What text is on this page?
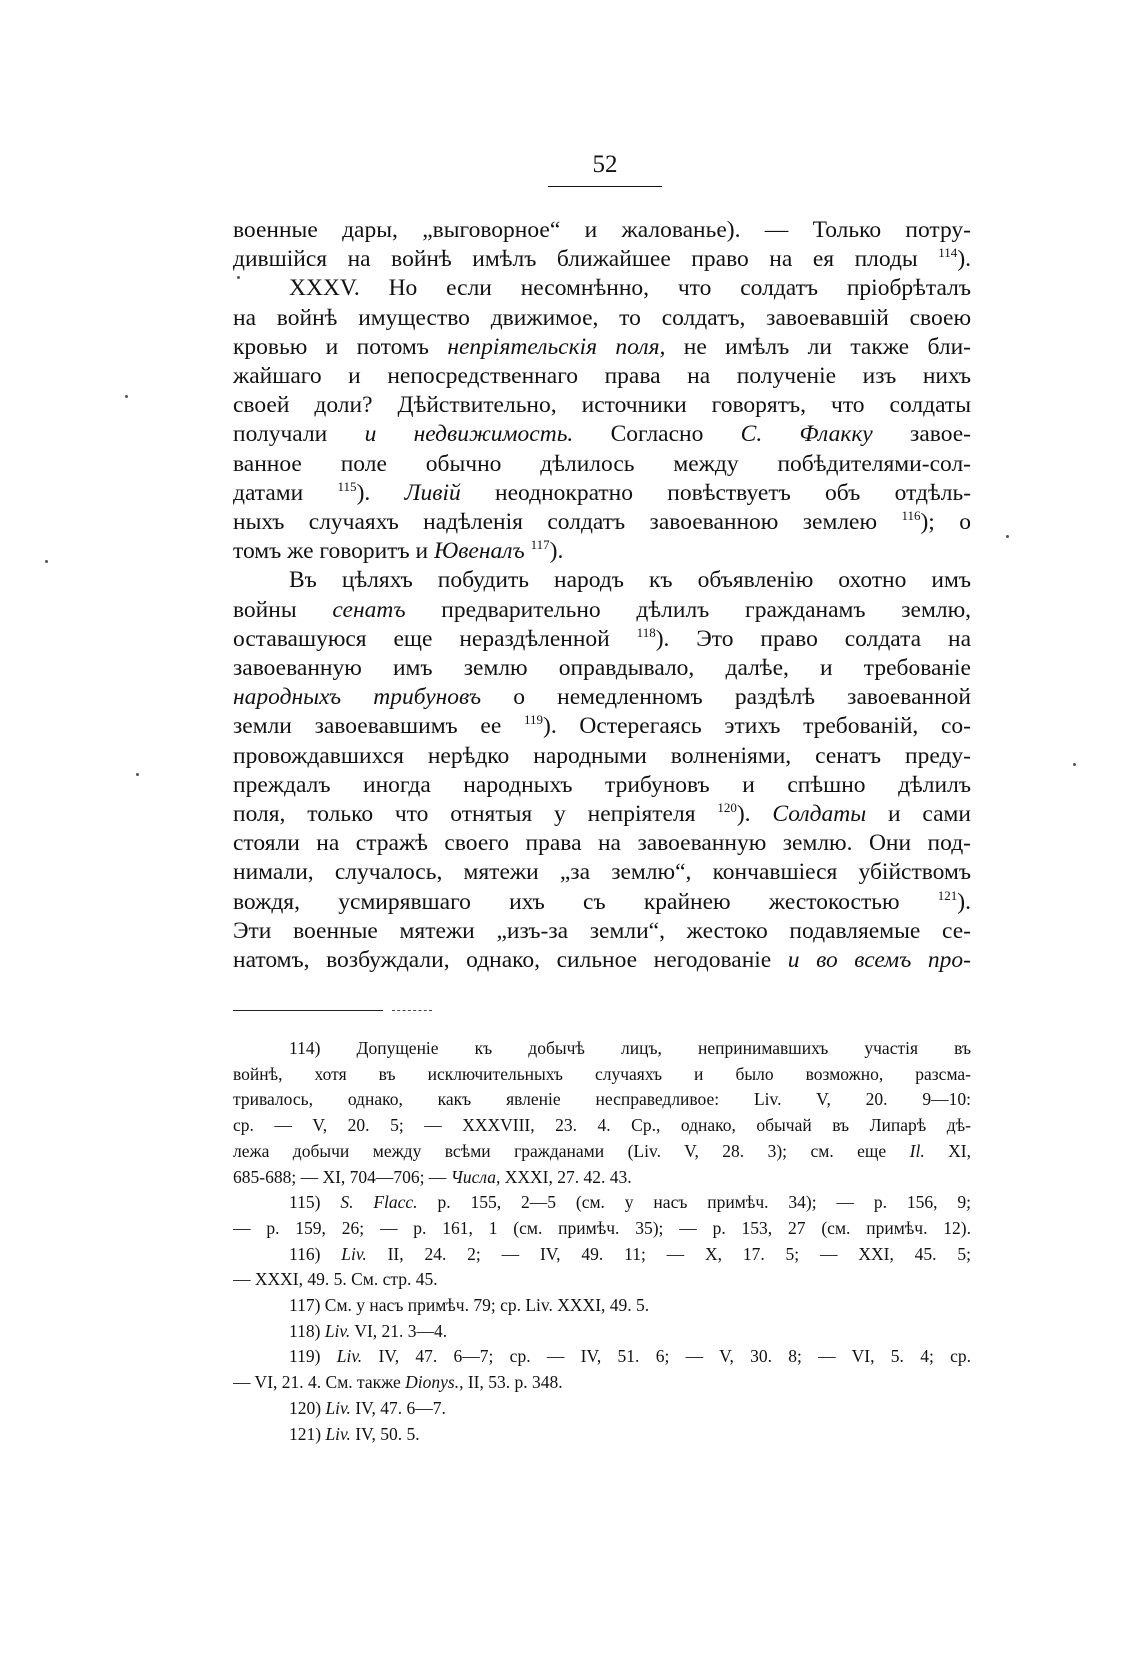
52
военные дары, „выговорное“ и жалованье). — Только потру-
дившійся на войнѣ имѣлъ ближайшее право на ея плоды $^{114}$).
XXXV. Но если несомнѣнно, что солдатъ пріобрѣталъ
на войнѣ имущество движимое, то солдатъ, завоевавшій своею
кровью и потомъ непріятельскія поля, не имѣлъ ли также бли-
жайшаго и непосредственнаго права на полученіе изъ нихъ
своей доли? Дѣйствительно, источники говорятъ, что солдаты
получали и недвижимость. Согласно С. Флакку завое-
ванное поле обычно дѣлилось между побѣдителями-сол-
датами	$^{115}$). Ливій неоднократно повѣствуетъ объ отдѣль-
ныхъ случаяхъ надѣленія солдатъ завоеванною землею $^{116}$); о
томъ же говоритъ и Ювеналъ $^{117}$).
Въ цѣляхъ побудить народъ къ объявленію охотно имъ
войны сенатъ предварительно дѣлилъ гражданамъ землю,
оставашуюся еще нераздѣленной $^{118}$). Это право солдата на
завоеванную имъ землю оправдывало, далѣе, и требованіе
народныхъ трибуновъ о немедленномъ раздѣлѣ завоеванной
земли завоевавшимъ ее $^{119}$). Остерегаясь этихъ требованій, со-
провождавшихся нерѣдко народными волненіями, сенатъ преду-
преждалъ иногда народныхъ трибуновъ и спѣшно дѣлилъ
поля, только что отнятыя у непріятеля $^{120}$). Солдаты и сами
стояли на стражѣ своего права на завоеванную землю. Они под-
нимали, случалось, мятежи „за землю“, кончавшіеся убійствомъ
вождя, усмирявшаго ихъ съ крайнею жестокостью	$^{121}$).
Эти военные мятежи „изъ-за земли“, жестоко подавляемые се-
натомъ, возбуждали, однако, сильное негодованіе и во всемъ про-
114) Допущеніе къ добычѣ лицъ, непринимавшихъ участія въ
войнѣ, хотя въ исключительныхъ случаяхъ и было возможно, разсма-
тривалось, однако, какъ явленіе несправедливое: Liv. V, 20. 9—10:
ср. — V, 20. 5; — XXXVIII, 23. 4. Ср., однако, обычай въ Липарѣ дѣ-
лежа добычи между всѣми гражданами (Liv. V, 28. 3); см. еще Il. XI,
685-688; — XI, 704—706; — Числа, XXXI, 27. 42. 43.
115) S. Flacc. p. 155, 2—5 (см. у насъ примѣч. 34); — p. 156, 9;
— p. 159, 26; — p. 161, 1 (см. примѣч. 35); — p. 153, 27 (см. примѣч. 12).
116) Liv. II, 24. 2; — IV, 49. 11; — X, 17. 5; — XXI, 45. 5;
— XXXI, 49. 5. См. стр. 45.
117) См. у насъ примѣч. 79; ср. Liv. XXXI, 49. 5.
118) Liv. VI, 21. 3—4.
119) Liv. IV, 47. 6—7; ср. — IV, 51. 6; — V, 30. 8; — VI, 5. 4; ср.
— VI, 21. 4. См. также Dionys., II, 53. p. 348.
120) Liv. IV, 47. 6—7.
121) Liv. IV, 50. 5.
